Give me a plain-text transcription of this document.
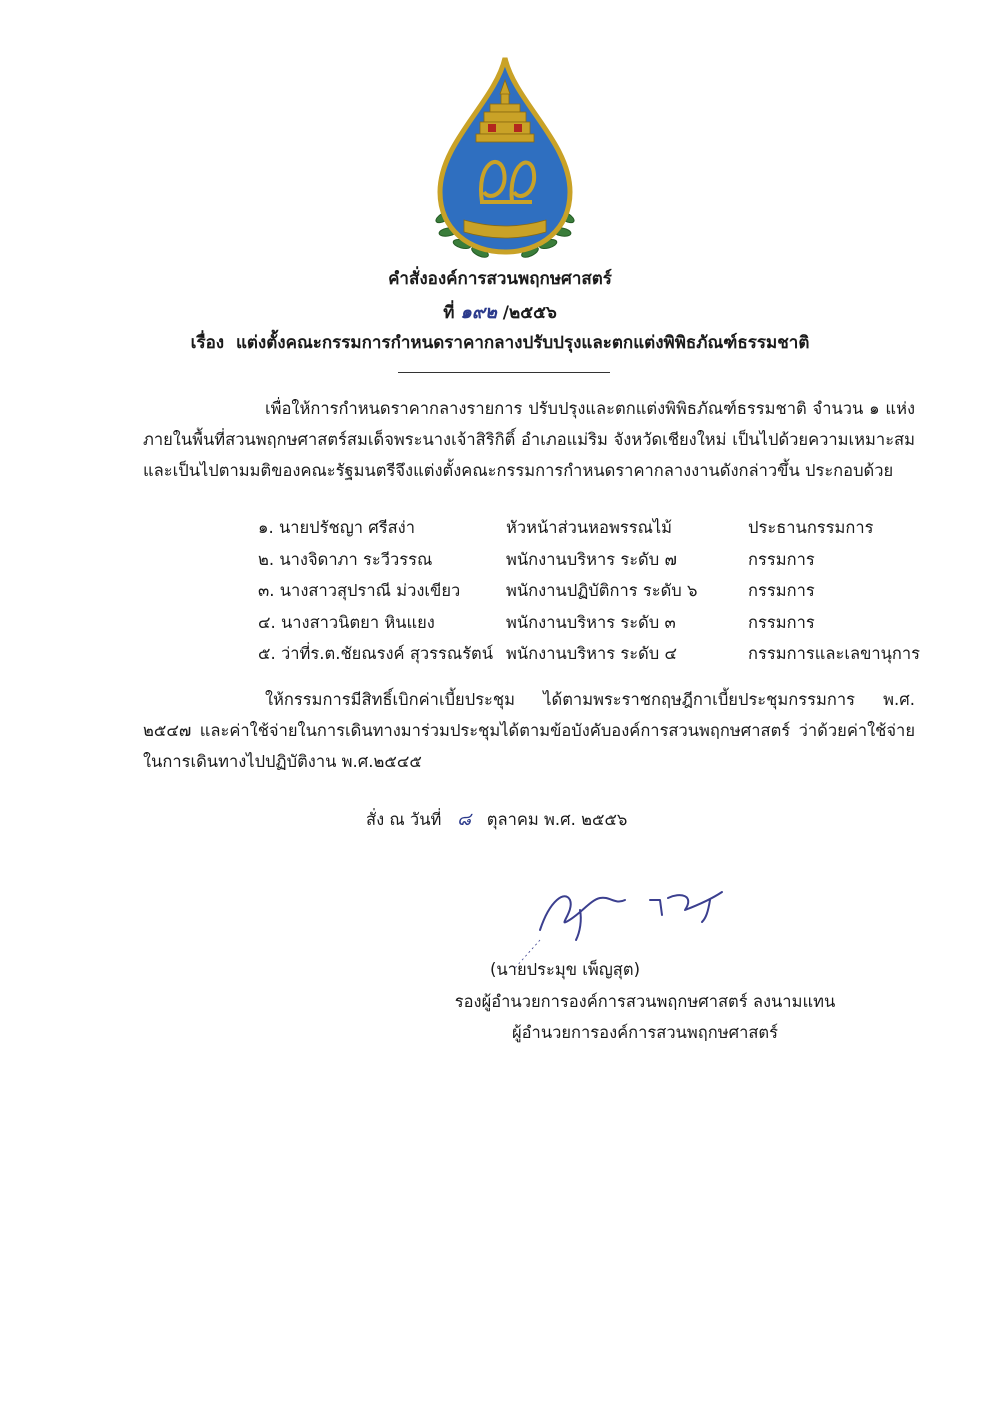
คำสั่งองค์การสวนพฤกษศาสตร์
ที่ ๑๙๒ /๒๕๕๖
เรื่อง แต่งตั้งคณะกรรมการกำหนดราคากลางปรับปรุงและตกแต่งพิพิธภัณฑ์ธรรมชาติ
เพื่อให้การกำหนดราคากลางรายการ ปรับปรุงและตกแต่งพิพิธภัณฑ์ธรรมชาติ จำนวน ๑ แห่ง ภายในพื้นที่สวนพฤกษศาสตร์สมเด็จพระนางเจ้าสิริกิติ์ อำเภอแม่ริม จังหวัดเชียงใหม่ เป็นไปด้วยความเหมาะสมและเป็นไปตามมติของคณะรัฐมนตรีจึงแต่งตั้งคณะกรรมการกำหนดราคากลางงานดังกล่าวขึ้น ประกอบด้วย
๑. นายปรัชญา ศรีสง่า	หัวหน้าส่วนหอพรรณไม้	ประธานกรรมการ
๒. นางจิดาภา ระวีวรรณ	พนักงานบริหาร ระดับ ๗	กรรมการ
๓. นางสาวสุปราณี ม่วงเขียว	พนักงานปฏิบัติการ ระดับ ๖	กรรมการ
๔. นางสาวนิตยา หินแยง	พนักงานบริหาร ระดับ ๓	กรรมการ
๕. ว่าที่ร.ต.ชัยณรงค์ สุวรรณรัตน์ พนักงานบริหาร ระดับ ๔	กรรมการและเลขานุการ
ให้กรรมการมีสิทธิ์เบิกค่าเบี้ยประชุม ได้ตามพระราชกฤษฎีกาเบี้ยประชุมกรรมการ พ.ศ. ๒๕๔๗ และค่าใช้จ่ายในการเดินทางมาร่วมประชุมได้ตามข้อบังคับองค์การสวนพฤกษศาสตร์ ว่าด้วยค่าใช้จ่ายในการเดินทางไปปฏิบัติงาน พ.ศ.๒๕๔๕
สั่ง ณ วันที่ ๘ ตุลาคม พ.ศ. ๒๕๕๖
(นายประมุข เพ็ญสุต)
รองผู้อำนวยการองค์การสวนพฤกษศาสตร์ ลงนามแทน
ผู้อำนวยการองค์การสวนพฤกษศาสตร์
